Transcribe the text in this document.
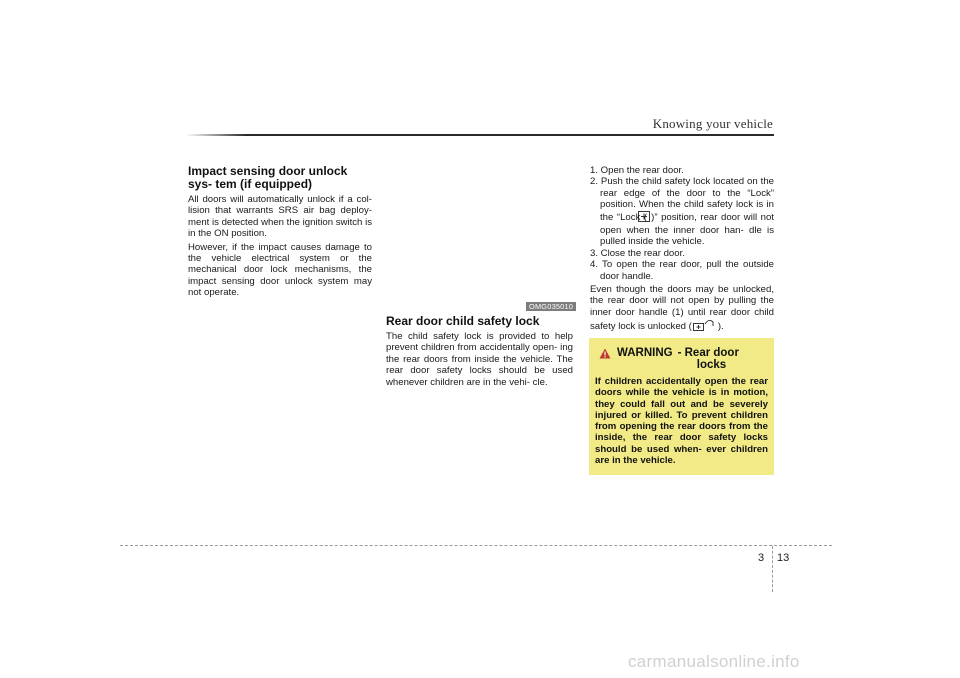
Knowing your vehicle
Impact sensing door unlock sys- tem (if equipped)

All doors will automatically unlock if a col- lision that warrants SRS air bag deploy- ment is detected when the ignition switch is in the ON position.

However, if the impact causes damage to the vehicle electrical system or the mechanical door lock mechanisms, the impact sensing door unlock system may not operate.

OMG035010
Rear door child safety lock

The child safety lock is provided to help prevent children from accidentally open- ing the rear doors from inside the vehicle. The rear door safety locks should be used whenever children are in the vehi- cle.

1. Open the rear door.
2. Push the child safety lock located on the rear edge of the door to the “Lock” position. When the child safety lock is in the “Lock ( )” position, rear door will not open when the inner door han- dle is pulled inside the vehicle.
3. Close the rear door.
4. To open the rear door, pull the outside door handle.

Even though the doors may be unlocked, the rear door will not open by pulling the inner door handle (1) until rear door child safety lock is unlocked (	).

WARNING - Rear door
locks
If children accidentally open the rear doors while the vehicle is in motion, they could fall out and be severely injured or killed. To prevent children from opening the rear doors from the inside, the rear door safety locks should be used when- ever children are in the vehicle.
3 13
carmanualsonline.info
